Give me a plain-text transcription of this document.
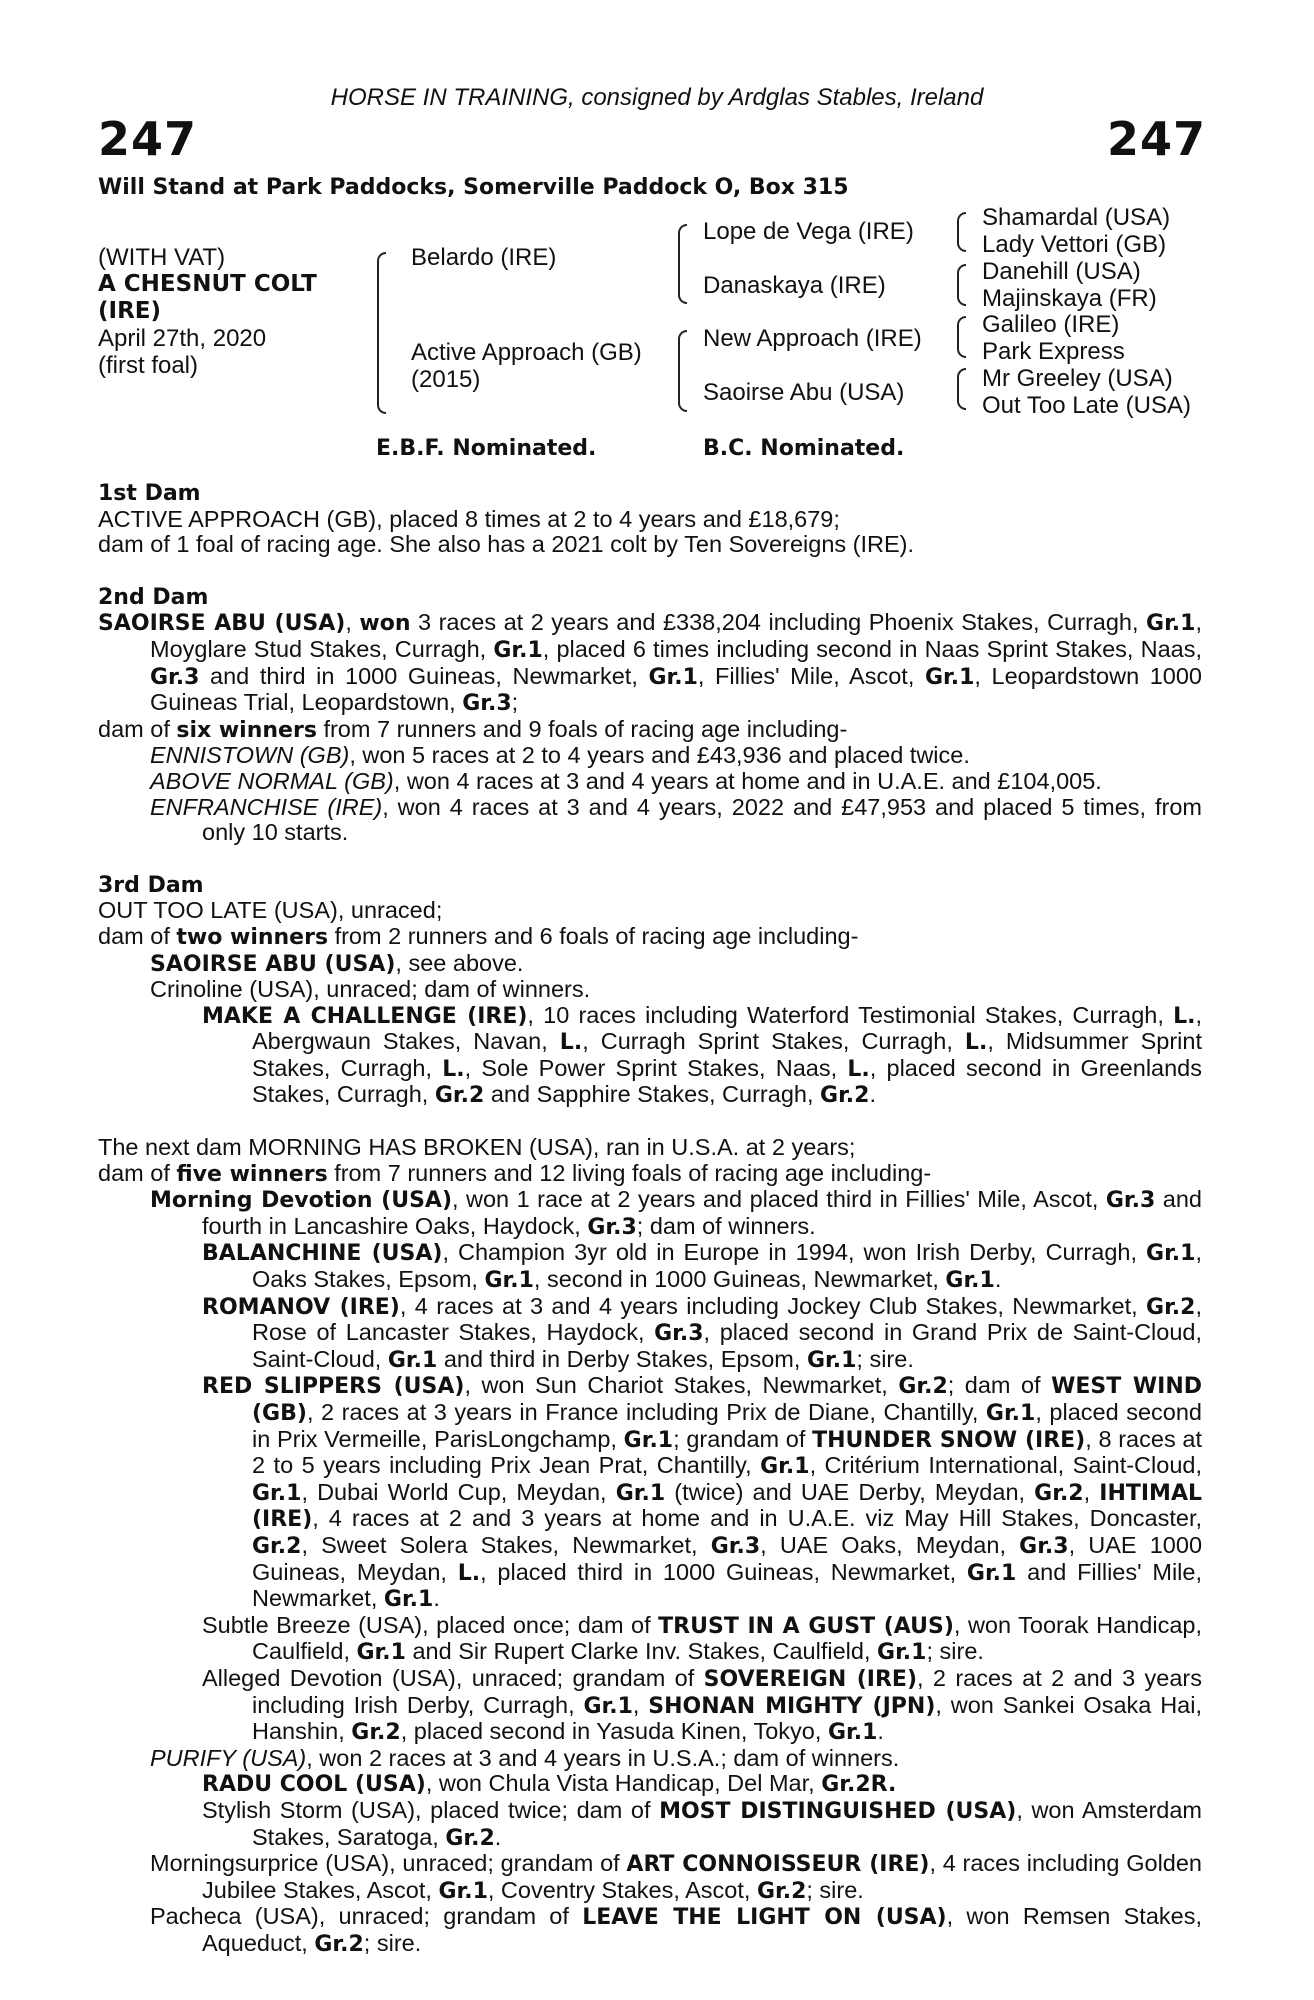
HORSE IN TRAINING, consigned by Ardglas Stables, Ireland
247	247
Will Stand at Park Paddocks, Somerville Paddock O, Box 315
(WITH VAT)
A CHESNUT COLT
(IRE)
April 27th, 2020
(first foal)
Belardo (IRE)
Active Approach (GB)
(2015)
Lope de Vega (IRE)
Danaskaya (IRE)
New Approach (IRE)
Saoirse Abu (USA)
Shamardal (USA)
Lady Vettori (GB)
Danehill (USA)
Majinskaya (FR)
Galileo (IRE)
Park Express
Mr Greeley (USA)
Out Too Late (USA)
E.B.F. Nominated.	B.C. Nominated.

1st Dam

ACTIVE APPROACH (GB), placed 8 times at 2 to 4 years and £18,679;

dam of 1 foal of racing age. She also has a 2021 colt by Ten Sovereigns (IRE).

2nd Dam

SAOIRSE ABU (USA), won 3 races at 2 years and £338,204 including Phoenix Stakes, Curragh, Gr.1, Moyglare Stud Stakes, Curragh, Gr.1, placed 6 times including second in Naas Sprint Stakes, Naas, Gr.3 and third in 1000 Guineas, Newmarket, Gr.1, Fillies' Mile, Ascot, Gr.1, Leopardstown 1000 Guineas Trial, Leopardstown, Gr.3;

dam of six winners from 7 runners and 9 foals of racing age including-

ENNISTOWN (GB), won 5 races at 2 to 4 years and £43,936 and placed twice.

ABOVE NORMAL (GB), won 4 races at 3 and 4 years at home and in U.A.E. and £104,005.

ENFRANCHISE (IRE), won 4 races at 3 and 4 years, 2022 and £47,953 and placed 5 times, from only 10 starts.

3rd Dam

OUT TOO LATE (USA), unraced;

dam of two winners from 2 runners and 6 foals of racing age including-

SAOIRSE ABU (USA), see above.

Crinoline (USA), unraced; dam of winners.

MAKE A CHALLENGE (IRE), 10 races including Waterford Testimonial Stakes, Curragh, L., Abergwaun Stakes, Navan, L., Curragh Sprint Stakes, Curragh, L., Midsummer Sprint Stakes, Curragh, L., Sole Power Sprint Stakes, Naas, L., placed second in Greenlands Stakes, Curragh, Gr.2 and Sapphire Stakes, Curragh, Gr.2.

The next dam MORNING HAS BROKEN (USA), ran in U.S.A. at 2 years;

dam of five winners from 7 runners and 12 living foals of racing age including-

Morning Devotion (USA), won 1 race at 2 years and placed third in Fillies' Mile, Ascot, Gr.3 and fourth in Lancashire Oaks, Haydock, Gr.3; dam of winners.

BALANCHINE (USA), Champion 3yr old in Europe in 1994, won Irish Derby, Curragh, Gr.1, Oaks Stakes, Epsom, Gr.1, second in 1000 Guineas, Newmarket, Gr.1.

ROMANOV (IRE), 4 races at 3 and 4 years including Jockey Club Stakes, Newmarket, Gr.2, Rose of Lancaster Stakes, Haydock, Gr.3, placed second in Grand Prix de Saint-Cloud, Saint-Cloud, Gr.1 and third in Derby Stakes, Epsom, Gr.1; sire.

RED SLIPPERS (USA), won Sun Chariot Stakes, Newmarket, Gr.2; dam of WEST WIND (GB), 2 races at 3 years in France including Prix de Diane, Chantilly, Gr.1, placed second in Prix Vermeille, ParisLongchamp, Gr.1; grandam of THUNDER SNOW (IRE), 8 races at 2 to 5 years including Prix Jean Prat, Chantilly, Gr.1, Critérium International, Saint-Cloud, Gr.1, Dubai World Cup, Meydan, Gr.1 (twice) and UAE Derby, Meydan, Gr.2, IHTIMAL (IRE), 4 races at 2 and 3 years at home and in U.A.E. viz May Hill Stakes, Doncaster, Gr.2, Sweet Solera Stakes, Newmarket, Gr.3, UAE Oaks, Meydan, Gr.3, UAE 1000 Guineas, Meydan, L., placed third in 1000 Guineas, Newmarket, Gr.1 and Fillies' Mile, Newmarket, Gr.1.

Subtle Breeze (USA), placed once; dam of TRUST IN A GUST (AUS), won Toorak Handicap, Caulfield, Gr.1 and Sir Rupert Clarke Inv. Stakes, Caulfield, Gr.1; sire.

Alleged Devotion (USA), unraced; grandam of SOVEREIGN (IRE), 2 races at 2 and 3 years including Irish Derby, Curragh, Gr.1, SHONAN MIGHTY (JPN), won Sankei Osaka Hai, Hanshin, Gr.2, placed second in Yasuda Kinen, Tokyo, Gr.1.

PURIFY (USA), won 2 races at 3 and 4 years in U.S.A.; dam of winners.

RADU COOL (USA), won Chula Vista Handicap, Del Mar, Gr.2R.

Stylish Storm (USA), placed twice; dam of MOST DISTINGUISHED (USA), won Amsterdam Stakes, Saratoga, Gr.2.

Morningsurprice (USA), unraced; grandam of ART CONNOISSEUR (IRE), 4 races including Golden Jubilee Stakes, Ascot, Gr.1, Coventry Stakes, Ascot, Gr.2; sire.

Pacheca (USA), unraced; grandam of LEAVE THE LIGHT ON (USA), won Remsen Stakes, Aqueduct, Gr.2; sire.
